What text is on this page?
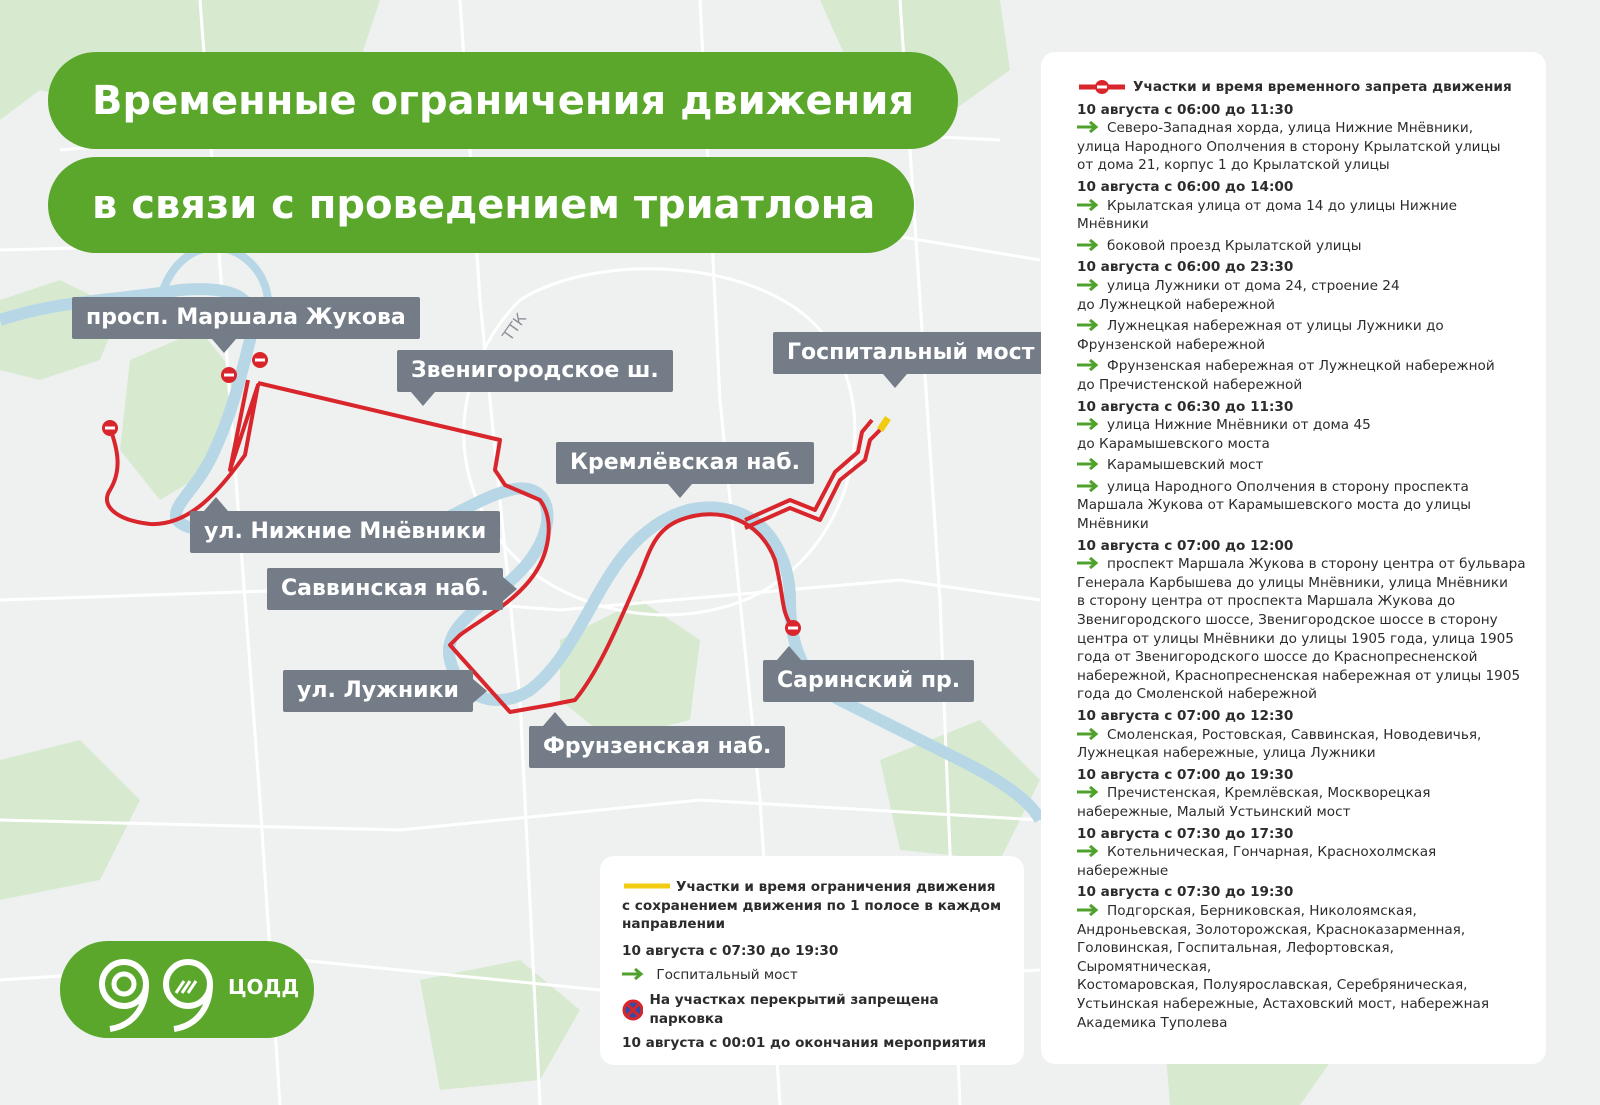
ТТК
Временные ограничения движения
в связи с проведением триатлона
просп. Маршала Жукова
Звенигородское ш.
Госпитальный мост
Кремлёвская наб.
ул. Нижние Мнёвники
Саввинская наб.
ул. Лужники
Фрунзенская наб.
Саринский пр.
Участки и время временного запрета движения
10 августа с 06:00 до 11:30
Северо-Западная хорда, улица Нижние Мнёвники,
улица Народного Ополчения в сторону Крылатской улицы
от дома 21, корпус 1 до Крылатской улицы
10 августа с 06:00 до 14:00
Крылатская улица от дома 14 до улицы Нижние Мнёвники
боковой проезд Крылатской улицы
10 августа с 06:00 до 23:30
улица Лужники от дома 24, строение 24
до Лужнецкой набережной
Лужнецкая набережная от улицы Лужники до
Фрунзенской набережной
Фрунзенская набережная от Лужнецкой набережной
до Пречистенской набережной
10 августа с 06:30 до 11:30
улица Нижние Мнёвники от дома 45
до Карамышевского моста
Карамышевский мост
улица Народного Ополчения в сторону проспекта
Маршала Жукова от Карамышевского моста до улицы
Мнёвники
10 августа с 07:00 до 12:00
проспект Маршала Жукова в сторону центра от бульвара
Генерала Карбышева до улицы Мнёвники, улица Мнёвники
в сторону центра от проспекта Маршала Жукова до
Звенигородского шоссе, Звенигородское шоссе в сторону
центра от улицы Мнёвники до улицы 1905 года, улица 1905
года от Звенигородского шоссе до Краснопресненской
набережной, Краснопресненская набережная от улицы 1905
года до Смоленской набережной
10 августа с 07:00 до 12:30
Смоленская, Ростовская, Саввинская, Новодевичья,
Лужнецкая набережные, улица Лужники
10 августа с 07:00 до 19:30
Пречистенская, Кремлёвская, Москворецкая
набережные, Малый Устьинский мост
10 августа с 07:30 до 17:30
Котельническая, Гончарная, Краснохолмская набережные
10 августа с 07:30 до 19:30
Подгорская, Берниковская, Николоямская,
Андроньевская, Золоторожская, Красноказарменная,
Головинская, Госпитальная, Лефортовская, Сыромятническая,
Костомаровская, Полуярославская, Серебряническая,
Устьинская набережные, Астаховский мост, набережная
Академика Туполева
Участки и время ограничения движения

с сохранением движения по 1 полосе в каждом
направлении
10 августа с 07:30 до 19:30
Госпитальный мост
На участках перекрытий запрещена парковка
10 августа с 00:01 до окончания мероприятия
ЦОДД
